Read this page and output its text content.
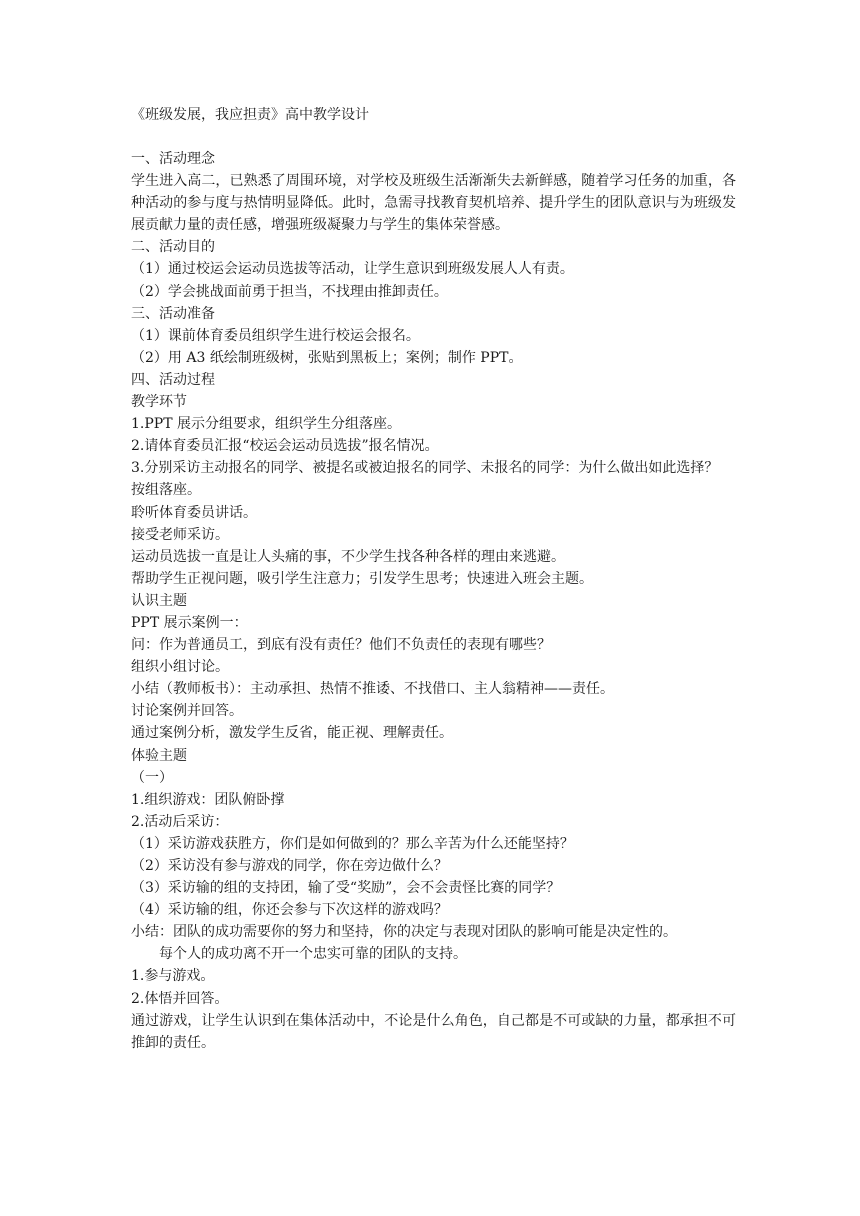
《班级发展，我应担责》高中教学设计
一、活动理念
学生进入高二，已熟悉了周围环境，对学校及班级生活渐渐失去新鲜感，随着学习任务的加重，各种活动的参与度与热情明显降低。此时，急需寻找教育契机培养、提升学生的团队意识与为班级发展贡献力量的责任感，增强班级凝聚力与学生的集体荣誉感。
二、活动目的
（1）通过校运会运动员选拔等活动，让学生意识到班级发展人人有责。
（2）学会挑战面前勇于担当，不找理由推卸责任。
三、活动准备
（1）课前体育委员组织学生进行校运会报名。
（2）用 A3 纸绘制班级树，张贴到黑板上；案例；制作 PPT。
四、活动过程
教学环节
1.PPT 展示分组要求，组织学生分组落座。
2.请体育委员汇报“校运会运动员选拔”报名情况。
3.分别采访主动报名的同学、被提名或被迫报名的同学、未报名的同学：为什么做出如此选择？
按组落座。
聆听体育委员讲话。
接受老师采访。
运动员选拔一直是让人头痛的事，不少学生找各种各样的理由来逃避。
帮助学生正视问题，吸引学生注意力；引发学生思考；快速进入班会主题。
认识主题
PPT 展示案例一：
问：作为普通员工，到底有没有责任？他们不负责任的表现有哪些？
组织小组讨论。
小结（教师板书）：主动承担、热情不推诿、不找借口、主人翁精神——责任。
讨论案例并回答。
通过案例分析，激发学生反省，能正视、理解责任。
体验主题
（一）
1.组织游戏：团队俯卧撑
2.活动后采访：
（1）采访游戏获胜方，你们是如何做到的？那么辛苦为什么还能坚持？
（2）采访没有参与游戏的同学，你在旁边做什么？
（3）采访输的组的支持团，输了受“奖励”，会不会责怪比赛的同学？
（4）采访输的组，你还会参与下次这样的游戏吗？
小结：团队的成功需要你的努力和坚持，你的决定与表现对团队的影响可能是决定性的。
每个人的成功离不开一个忠实可靠的团队的支持。
1.参与游戏。
2.体悟并回答。
通过游戏，让学生认识到在集体活动中，不论是什么角色，自己都是不可或缺的力量，都承担不可推卸的责任。
